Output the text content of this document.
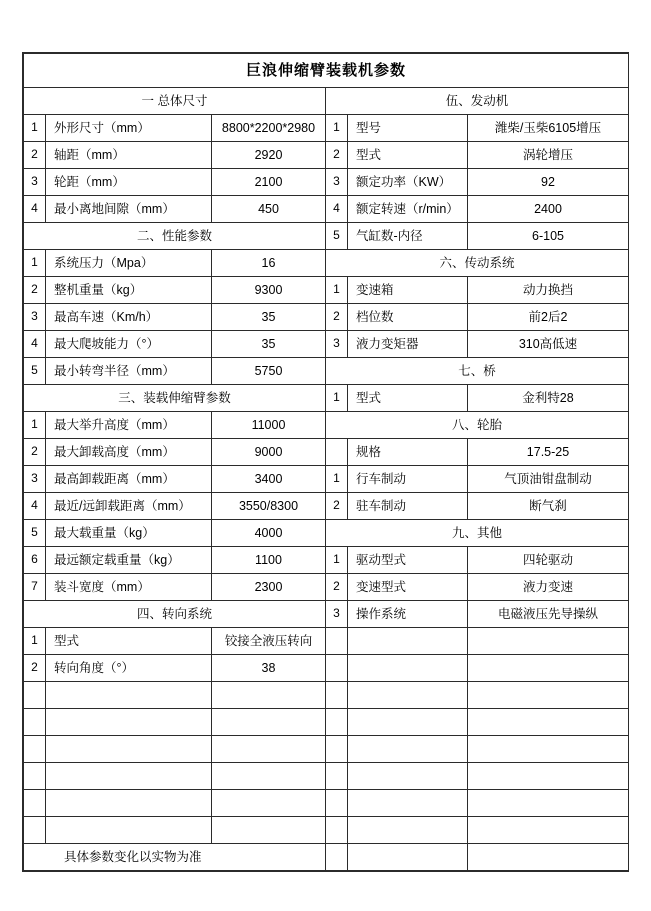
巨浪伸缩臂装载机参数					
一 总体尺寸			伍、发动机		
1	外形尺寸（mm）	8800*2200*2980	1	型号	潍柴/玉柴6105增压
2	轴距（mm）	2920	2	型式	涡轮增压
3	轮距（mm）	2100	3	额定功率（KW）	92
4	最小离地间隙（mm）	450	4	额定转速（r/min）	2400
二、性能参数			5	气缸数-内径	6-105
1	系统压力（Mpa）	16	六、传动系统		
2	整机重量（kg）	9300	1	变速箱	动力换挡
3	最高车速（Km/h）	35	2	档位数	前2后2
4	最大爬坡能力（°）	35	3	液力变矩器	310高低速
5	最小转弯半径（mm）	5750	七、桥		
三、装载伸缩臂参数			1	型式	金利特28
1	最大举升高度（mm）	11000	八、轮胎		
2	最大卸载高度（mm）	9000		规格	17.5-25
3	最高卸载距离（mm）	3400	1	行车制动	气顶油钳盘制动
4	最近/远卸载距离（mm）	3550/8300	2	驻车制动	断气刹
5	最大载重量（kg）	4000	九、其他		
6	最远额定载重量（kg）	1100	1	驱动型式	四轮驱动
7	装斗宽度（mm）	2300	2	变速型式	液力变速
四、转向系统			3	操作系统	电磁液压先导操纵
1	型式	铰接全液压转向			
2	转向角度（°）	38			

具体参数变化以实物为准					
